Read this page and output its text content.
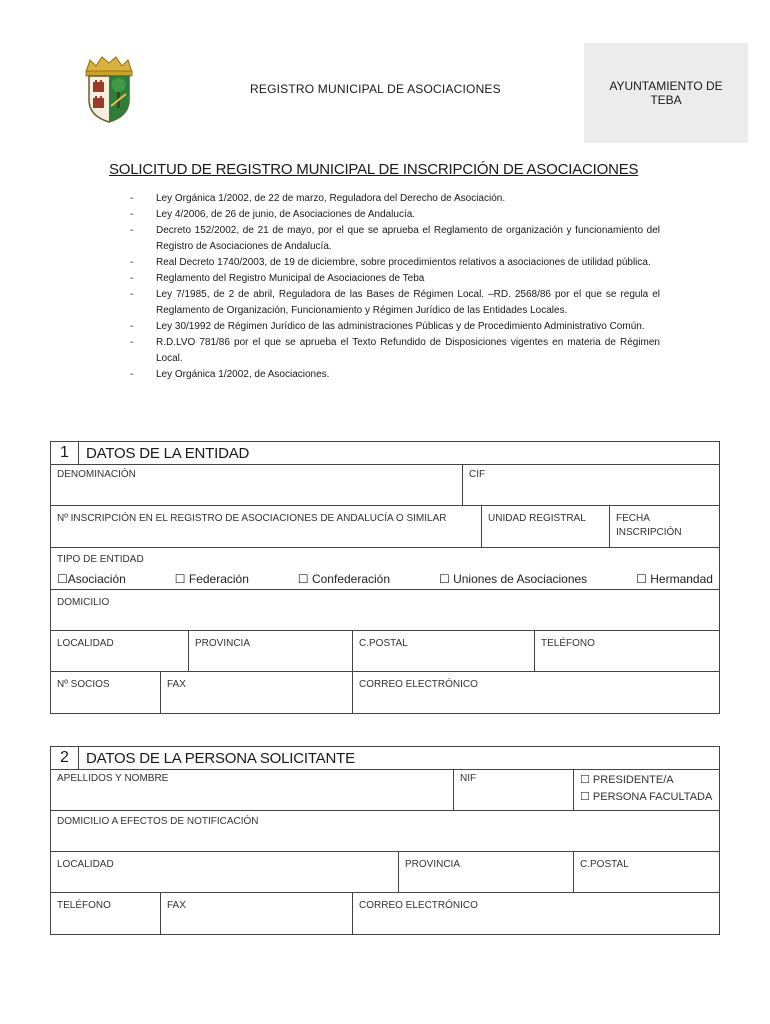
REGISTRO MUNICIPAL DE ASOCIACIONES	AYUNTAMIENTO DE
TEBA
SOLICITUD DE REGISTRO MUNICIPAL DE INSCRIPCIÓN DE ASOCIACIONES
- Ley Orgánica 1/2002, de 22 de marzo, Reguladora del Derecho de Asociación.
- Ley 4/2006, de 26 de junio, de Asociaciones de Andalucía.
- Decreto 152/2002, de 21 de mayo, por el que se aprueba el Reglamento de organización y funcionamiento del Registro de Asociaciones de Andalucía.
- Real Decreto 1740/2003, de 19 de diciembre, sobre procedimientos relativos a asociaciones de utilidad pública.
- Reglamento del Registro Municipal de Asociaciones de Teba
- Ley 7/1985, de 2 de abril, Reguladora de las Bases de Régimen Local. –RD. 2568/86 por el que se regula el Reglamento de Organización, Funcionamiento y Régimen Jurídico de las Entidades Locales.
- Ley 30/1992 de Régimen Jurídico de las administraciones Públicas y de Procedimiento Administrativo Común.
- R.D.LVO 781/86 por el que se aprueba el Texto Refundido de Disposiciones vigentes en materia de Régimen Local.
- Ley Orgánica 1/2002, de Asociaciones.
1	DATOS DE LA ENTIDAD
DENOMINACIÓN	CIF
Nº INSCRIPCIÓN EN EL REGISTRO DE ASOCIACIONES DE ANDALUCÍA O SIMILAR	UNIDAD REGISTRAL	FECHA
INSCRIPCIÓN
TIPO DE ENTIDAD
☐Asociación	☐ Federación	☐ Confederación	☐ Uniones de Asociaciones	☐ Hermandad
DOMICILIO
LOCALIDAD	PROVINCIA	C.POSTAL	TELÉFONO
Nº SOCIOS	FAX	CORREO ELECTRÓNICO
2	DATOS DE LA PERSONA SOLICITANTE
APELLIDOS Y NOMBRE	NIF	☐ PRESIDENTE/A
☐ PERSONA FACULTADA
DOMICILIO A EFECTOS DE NOTIFICACIÓN
LOCALIDAD	PROVINCIA	C.POSTAL
TELÉFONO	FAX	CORREO ELECTRÓNICO
